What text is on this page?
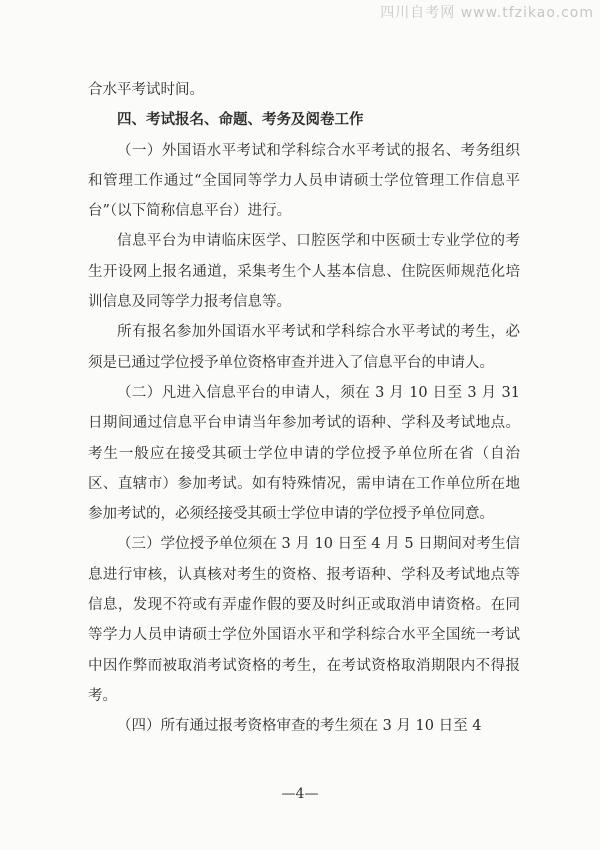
四川自考网 www.tfzikao.com

合水平考试时间。

四、考试报名、命题、考务及阅卷工作

（一）外国语水平考试和学科综合水平考试的报名、考务组织和管理工作通过“全国同等学力人员申请硕士学位管理工作信息平台”（以下简称信息平台）进行。

信息平台为申请临床医学、口腔医学和中医硕士专业学位的考生开设网上报名通道，采集考生个人基本信息、住院医师规范化培训信息及同等学力报考信息等。

所有报名参加外国语水平考试和学科综合水平考试的考生，必须是已通过学位授予单位资格审查并进入了信息平台的申请人。

（二）凡进入信息平台的申请人，须在 3 月 10 日至 3 月 31 日期间通过信息平台申请当年参加考试的语种、学科及考试地点。考生一般应在接受其硕士学位申请的学位授予单位所在省（自治区、直辖市）参加考试。如有特殊情况，需申请在工作单位所在地参加考试的，必须经接受其硕士学位申请的学位授予单位同意。

（三）学位授予单位须在 3 月 10 日至 4 月 5 日期间对考生信息进行审核，认真核对考生的资格、报考语种、学科及考试地点等信息，发现不符或有弄虚作假的要及时纠正或取消申请资格。在同等学力人员申请硕士学位外国语水平和学科综合水平全国统一考试中因作弊而被取消考试资格的考生，在考试资格取消期限内不得报考。

（四）所有通过报考资格审查的考生须在 3 月 10 日至 4

—4—
